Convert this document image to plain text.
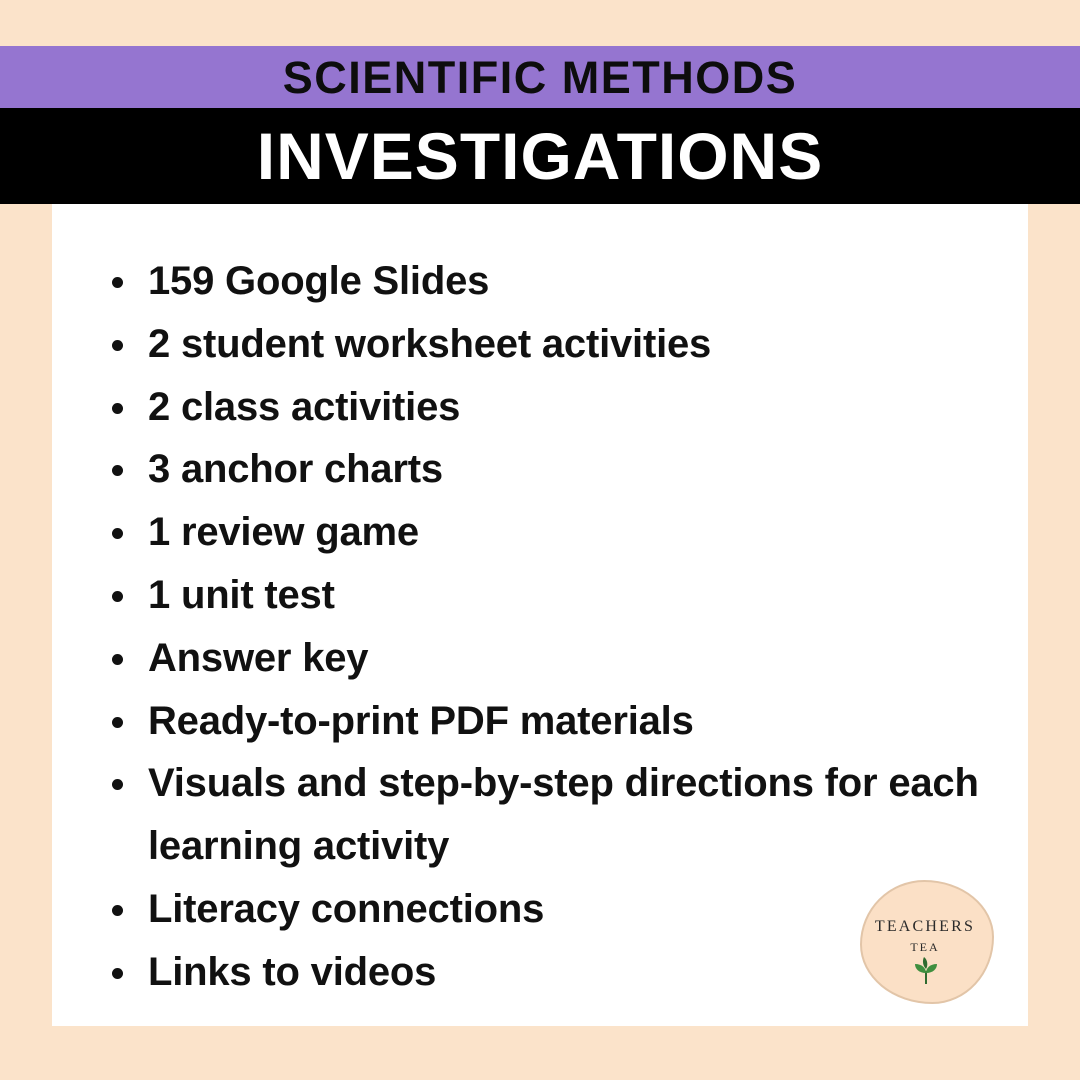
SCIENTIFIC METHODS
INVESTIGATIONS
159 Google Slides
2 student worksheet activities
2 class activities
3 anchor charts
1 review game
1 unit test
Answer key
Ready-to-print PDF materials
Visuals and step-by-step directions for each learning activity
Literacy connections
Links to videos
TEACHERS
TEA
